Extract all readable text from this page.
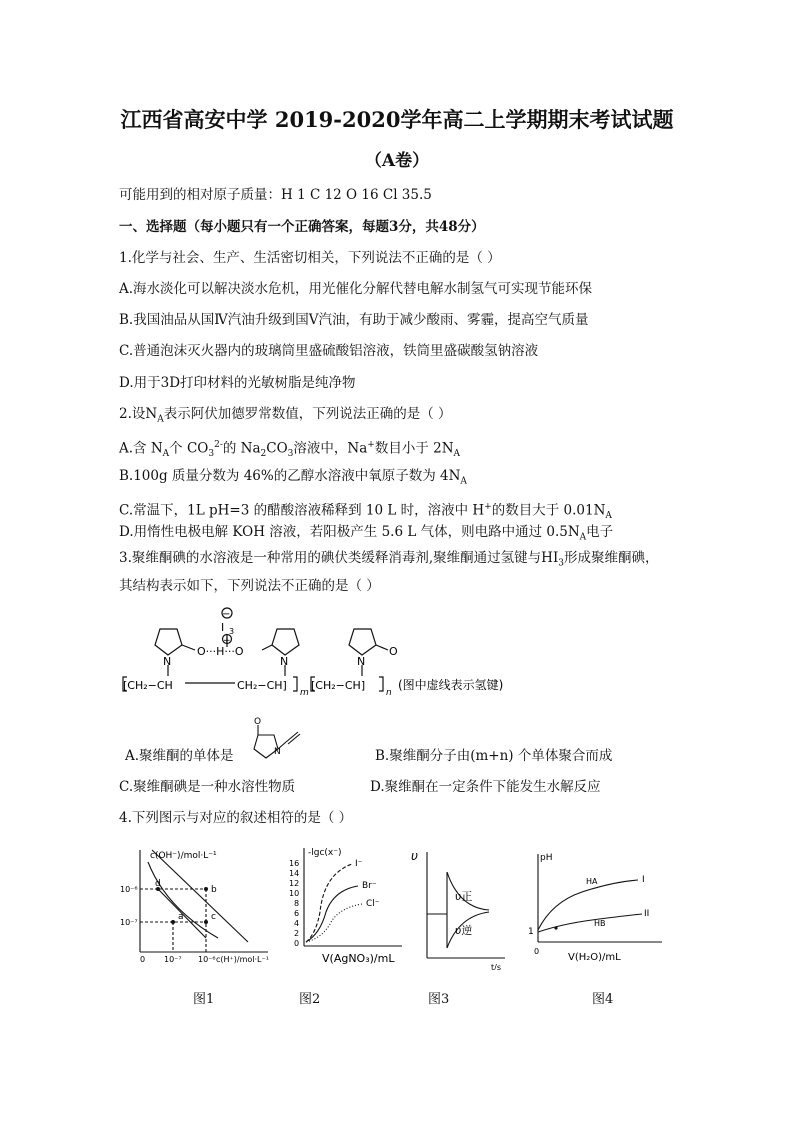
江西省高安中学 2019-2020学年高二上学期期末考试试题
（A卷）
可能用到的相对原子质量：H 1 C 12 O 16 Cl 35.5
一、选择题（每小题只有一个正确答案，每题3分，共48分）
1.化学与社会、生产、生活密切相关，下列说法不正确的是（ ）
A.海水淡化可以解决淡水危机，用光催化分解代替电解水制氢气可实现节能环保
B.我国油品从国Ⅳ汽油升级到国Ⅴ汽油，有助于减少酸雨、雾霾，提高空气质量
C.普通泡沫灭火器内的玻璃筒里盛硫酸铝溶液，铁筒里盛碳酸氢钠溶液
D.用于3D打印材料的光敏树脂是纯净物
2.设$N_A$表示阿伏加德罗常数值，下列说法正确的是（ ）
A.含 $N_A$个 $CO_3^{2-}$的 $Na_2CO_3$溶液中，Na+数目小于 $2N_A$
B.100g 质量分数为 46%的乙醇水溶液中氧原子数为 $4N_A$
C.常温下，1L pH=3 的醋酸溶液稀释到 10 L 时，溶液中 H+的数目大于 $0.01N_A$
D.用惰性电极电解 KOH 溶液，若阳极产生 5.6 L 气体，则电路中通过 $0.5N_A$电子
3.聚维酮碘的水溶液是一种常用的碘伏类缓释消毒剂,聚维酮通过氢键与$HI_3$形成聚维酮碘，
其结构表示如下，下列说法不正确的是（ ）
−
+
I 3
N	N	N
O···H···O	O
[CH₂−CH	CH₂−CH]
m
[CH₂−CH]
n
(图中虚线表示氢键)
A.聚维酮的单体是
O
N	B.聚维酮分子由(m+n) 个单体聚合而成
C.聚维酮碘是一种水溶性物质	D.聚维酮在一定条件下能发生水解反应
4.下列图示与对应的叙述相符的是（ ）
c(OH⁻)/mol·L⁻¹
10⁻⁶
10⁻⁷
0 10⁻⁷ 10⁻⁶ c(H⁺)/mol·L⁻¹
a
b
c
d
-lgc(x⁻)
0
2
4
6
8
10
12
14
16	I⁻
Br⁻
Cl⁻
V(AgNO₃)/mL
υ
υ正
υ逆
t/s
pH
1
0
HA
HB
I
II
V(H₂O)/mL
图1	图2	图3	图4
